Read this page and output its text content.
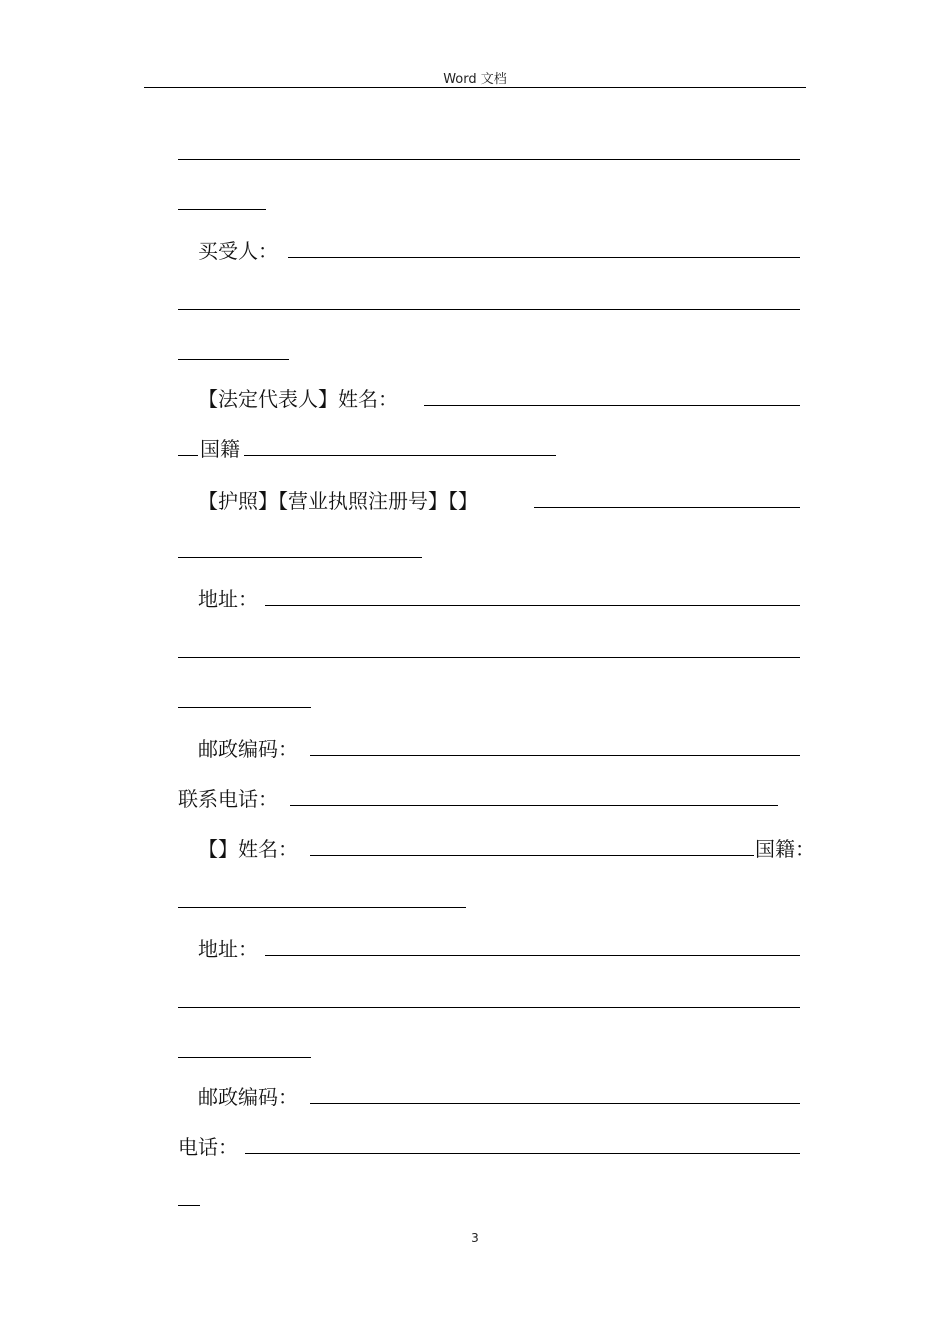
Word 文档
买受人：
【法定代表人】姓名：
国籍
【护照】【营业执照注册号】【】
地址：
邮政编码：
联系电话：
【】姓名：	国籍：
地址：
邮政编码：
电话：
3
